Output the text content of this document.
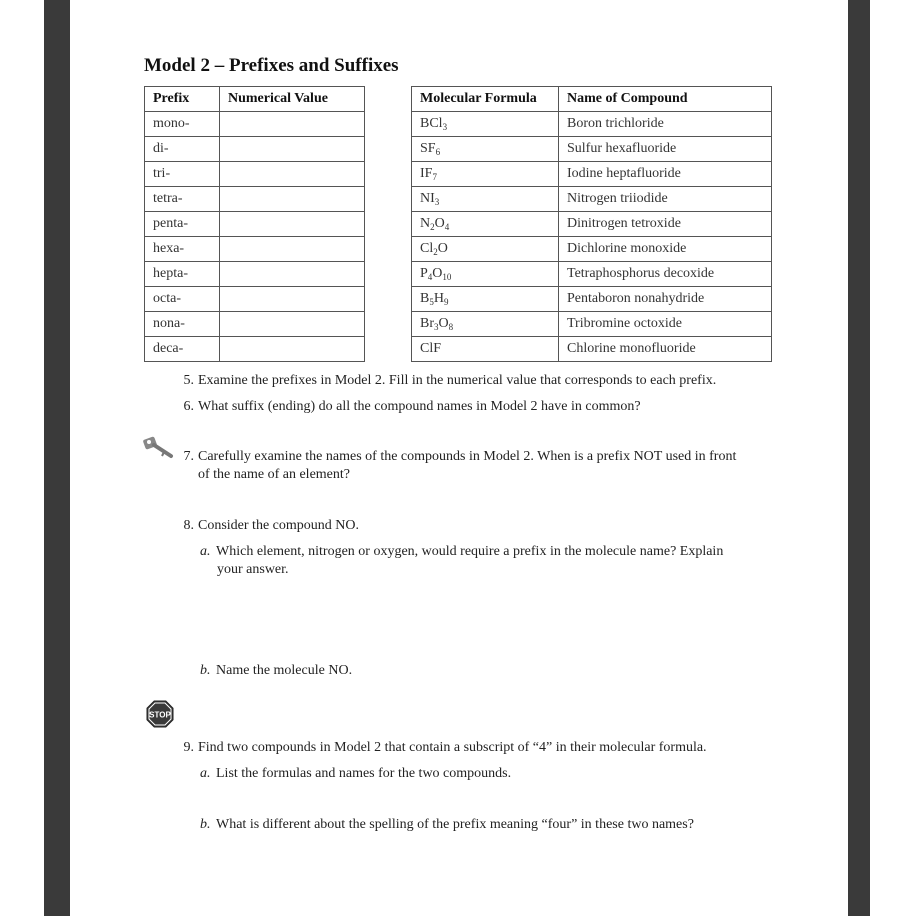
Model 2 – Prefixes and Suffixes
Prefix	Numerical Value
mono-	
di-	
tri-	
tetra-	
penta-	
hexa-	
hepta-	
octa-	
nona-	
deca-	
Molecular Formula	Name of Compound
BCl$_3$	Boron trichloride
$SF_6$	Sulfur hexafluoride
$IF_7$	Iodine heptafluoride
$NI_3$	Nitrogen triiodide
$N_2O_4$	Dinitrogen tetroxide
$Cl_2O$	Dichlorine monoxide
$P_4O_{10}$	Tetraphosphorus decoxide
$B_5H_9$	Pentaboron nonahydride
$Br_3O_8$	Tribromine octoxide
ClF	Chlorine monofluoride
5. Examine the prefixes in Model 2. Fill in the numerical value that corresponds to each prefix.
6. What suffix (ending) do all the compound names in Model 2 have in common?
7. Carefully examine the names of the compounds in Model 2. When is a prefix NOT used in front
of the name of an element?
8. Consider the compound NO.
a. Which element, nitrogen or oxygen, would require a prefix in the molecule name? Explain
your answer.
b. Name the molecule NO.
STOP
9. Find two compounds in Model 2 that contain a subscript of “4” in their molecular formula.
a. List the formulas and names for the two compounds.
b. What is different about the spelling of the prefix meaning “four” in these two names?
